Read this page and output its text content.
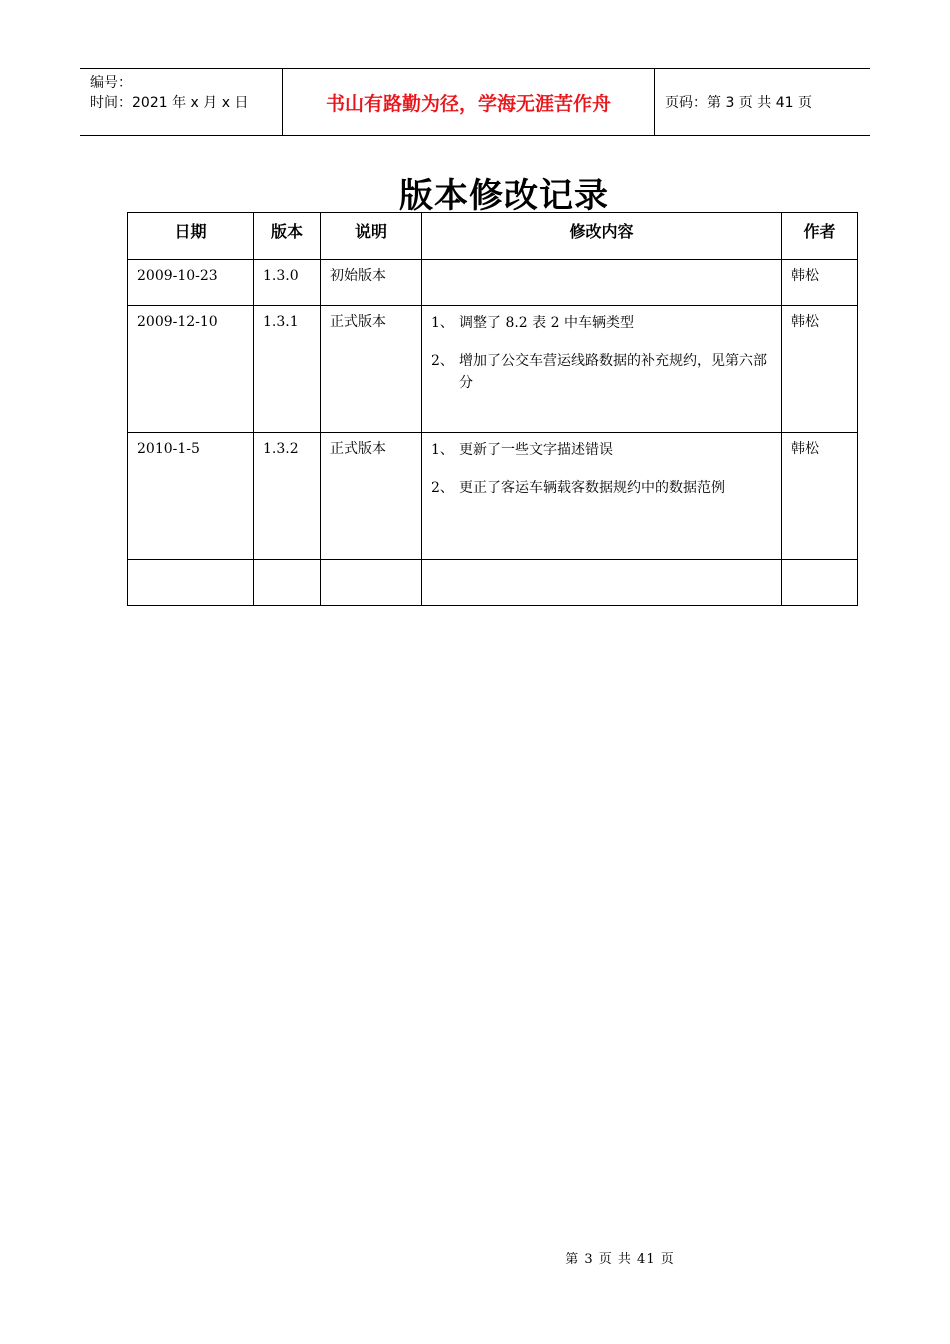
编号：
时间：2021 年 x 月 x 日	书山有路勤为径，学海无涯苦作舟	页码：第 3 页 共 41 页
版本修改记录
日期	版本	说明	修改内容	作者
2009-10-23	1.3.0	初始版本		韩松
2009-12-10	1.3.1	正式版本	1、 调整了 8.2 表 2 中车辆类型
2、 增加了公交车营运线路数据的补充规约，见第六部分	韩松
2010-1-5	1.3.2	正式版本	1、 更新了一些文字描述错误
2、 更正了客运车辆载客数据规约中的数据范例	韩松

第 3 页 共 41 页
